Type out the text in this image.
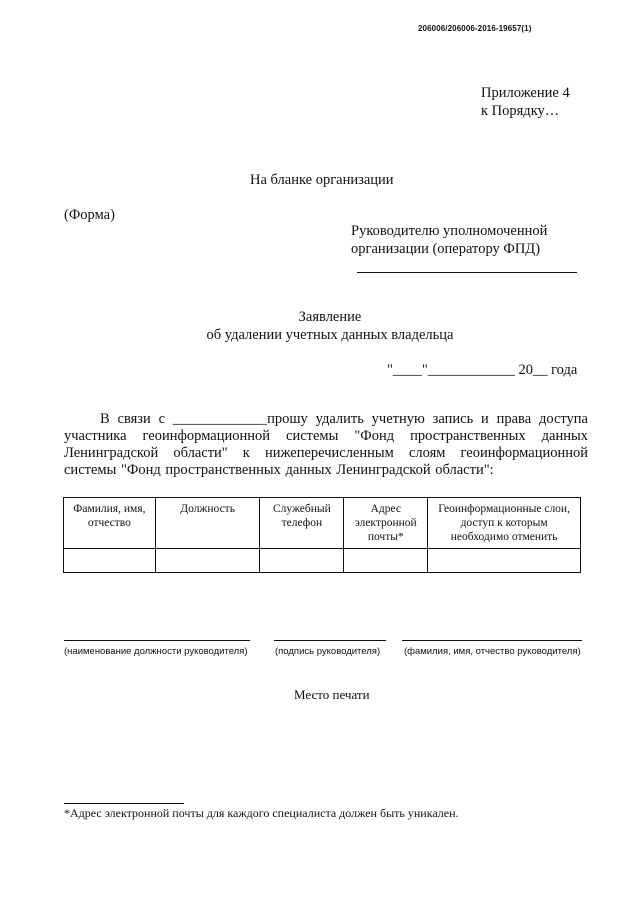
206006/206006-2016-19657(1)
Приложение 4
к Порядку…
На бланке организации
(Форма)
Руководителю уполномоченной
организации (оператору ФПД)
Заявление
об удалении учетных данных владельца
"____"____________ 20__ года
В связи с _____________прошу удалить учетную запись и права доступа участника геоинформационной системы "Фонд пространственных данных Ленинградской области" к нижеперечисленным слоям геоинформационной системы "Фонд пространственных данных Ленинградской области":
Фамилия, имя, отчество	Должность	Служебный телефон	Адрес электронной почты*	Геоинформационные слои, доступ к которым необходимо отменить

(наименование должности руководителя)	(подпись руководителя)	(фамилия, имя, отчество руководителя)
Место печати
*Адрес электронной почты для каждого специалиста должен быть уникален.
